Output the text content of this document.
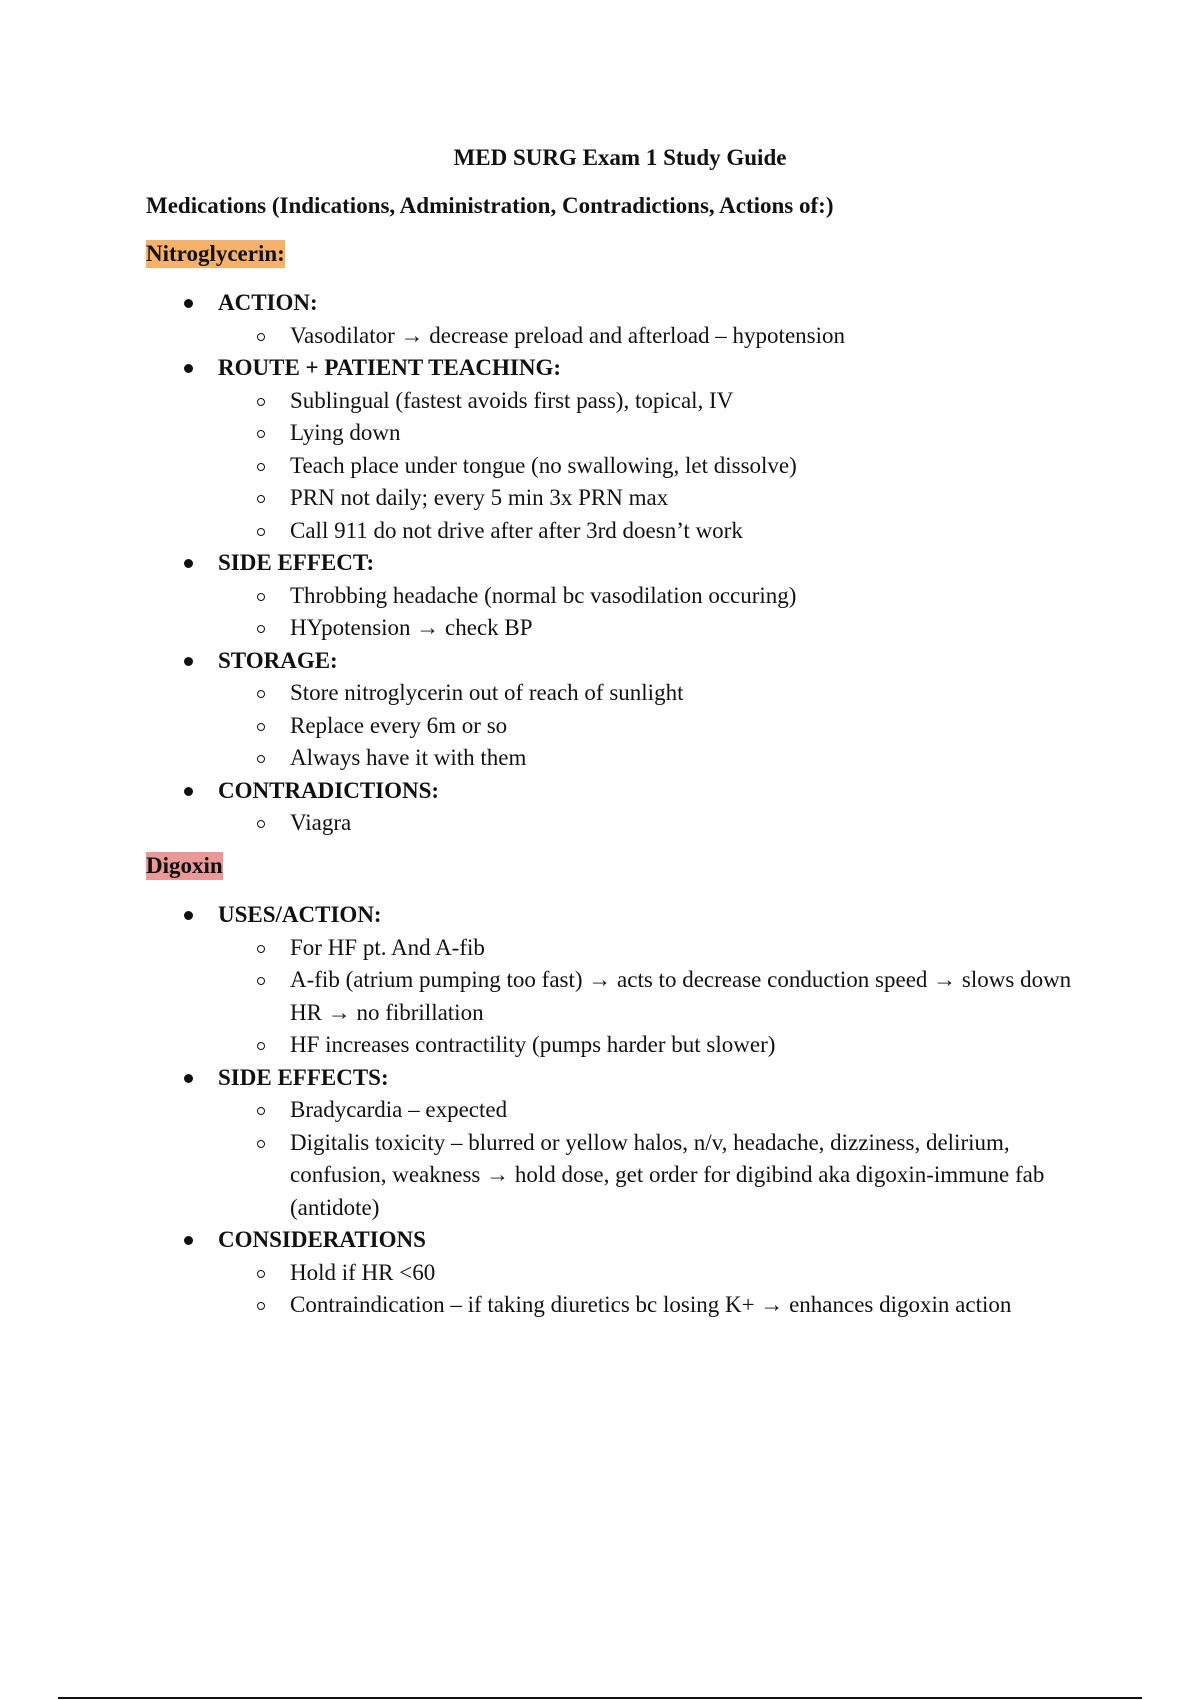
MED SURG Exam 1 Study Guide
Medications (Indications, Administration, Contradictions, Actions of:)
Nitroglycerin:
ACTION:
Vasodilator → decrease preload and afterload – hypotension
ROUTE + PATIENT TEACHING:
Sublingual (fastest avoids first pass), topical, IV
Lying down
Teach place under tongue (no swallowing, let dissolve)
PRN not daily; every 5 min 3x PRN max
Call 911 do not drive after after 3rd doesn’t work
SIDE EFFECT:
Throbbing headache (normal bc vasodilation occuring)
HYpotension → check BP
STORAGE:
Store nitroglycerin out of reach of sunlight
Replace every 6m or so
Always have it with them
CONTRADICTIONS:
Viagra
Digoxin
USES/ACTION:
For HF pt. And A-fib
A-fib (atrium pumping too fast) → acts to decrease conduction speed → slows down HR → no fibrillation
HF increases contractility (pumps harder but slower)
SIDE EFFECTS:
Bradycardia – expected
Digitalis toxicity – blurred or yellow halos, n/v, headache, dizziness, delirium, confusion, weakness → hold dose, get order for digibind aka digoxin-immune fab (antidote)
CONSIDERATIONS
Hold if HR <60
Contraindication – if taking diuretics bc losing K+ → enhances digoxin action
